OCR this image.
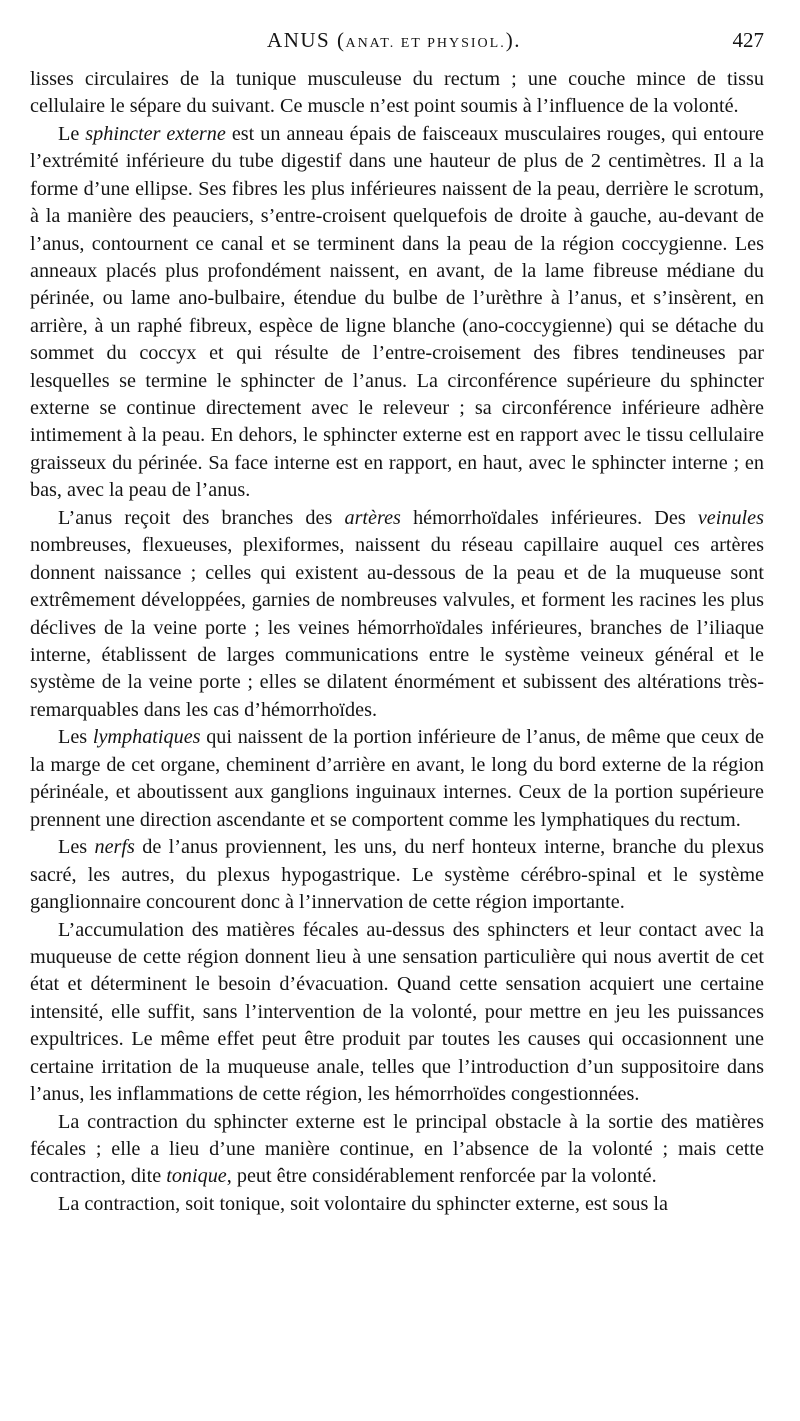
ANUS (ANAT. ET PHYSIOL.).	427

lisses circulaires de la tunique musculeuse du rectum ; une couche mince de tissu cellulaire le sépare du suivant. Ce muscle n’est point soumis à l’influence de la volonté.

Le sphincter externe est un anneau épais de faisceaux musculaires rouges, qui entoure l’extrémité inférieure du tube digestif dans une hauteur de plus de 2 centimètres. Il a la forme d’une ellipse. Ses fibres les plus inférieures naissent de la peau, derrière le scrotum, à la manière des peauciers, s’entre-croisent quelquefois de droite à gauche, au-devant de l’anus, contournent ce canal et se terminent dans la peau de la région coccygienne. Les anneaux placés plus profondément naissent, en avant, de la lame fibreuse médiane du périnée, ou lame ano-bulbaire, étendue du bulbe de l’urèthre à l’anus, et s’insèrent, en arrière, à un raphé fibreux, espèce de ligne blanche (ano-coccygienne) qui se détache du sommet du coccyx et qui résulte de l’entre-croisement des fibres tendineuses par lesquelles se termine le sphincter de l’anus. La circonférence supérieure du sphincter externe se continue directement avec le releveur ; sa circonférence inférieure adhère intimement à la peau. En dehors, le sphincter externe est en rapport avec le tissu cellulaire graisseux du périnée. Sa face interne est en rapport, en haut, avec le sphincter interne ; en bas, avec la peau de l’anus.

L’anus reçoit des branches des artères hémorrhoïdales inférieures. Des veinules nombreuses, flexueuses, plexiformes, naissent du réseau capillaire auquel ces artères donnent naissance ; celles qui existent au-dessous de la peau et de la muqueuse sont extrêmement développées, garnies de nombreuses valvules, et forment les racines les plus déclives de la veine porte ; les veines hémorrhoïdales inférieures, branches de l’iliaque interne, établissent de larges communications entre le système veineux général et le système de la veine porte ; elles se dilatent énormément et subissent des altérations très-remarquables dans les cas d’hémorrhoïdes.

Les lymphatiques qui naissent de la portion inférieure de l’anus, de même que ceux de la marge de cet organe, cheminent d’arrière en avant, le long du bord externe de la région périnéale, et aboutissent aux ganglions inguinaux internes. Ceux de la portion supérieure prennent une direction ascendante et se comportent comme les lymphatiques du rectum.

Les nerfs de l’anus proviennent, les uns, du nerf honteux interne, branche du plexus sacré, les autres, du plexus hypogastrique. Le système cérébro-spinal et le système ganglionnaire concourent donc à l’innervation de cette région importante.

L’accumulation des matières fécales au-dessus des sphincters et leur contact avec la muqueuse de cette région donnent lieu à une sensation particulière qui nous avertit de cet état et déterminent le besoin d’évacuation. Quand cette sensation acquiert une certaine intensité, elle suffit, sans l’intervention de la volonté, pour mettre en jeu les puissances expultrices. Le même effet peut être produit par toutes les causes qui occasionnent une certaine irritation de la muqueuse anale, telles que l’introduction d’un suppositoire dans l’anus, les inflammations de cette région, les hémorrhoïdes congestionnées.

La contraction du sphincter externe est le principal obstacle à la sortie des matières fécales ; elle a lieu d’une manière continue, en l’absence de la volonté ; mais cette contraction, dite tonique, peut être considérablement renforcée par la volonté.

La contraction, soit tonique, soit volontaire du sphincter externe, est sous la
